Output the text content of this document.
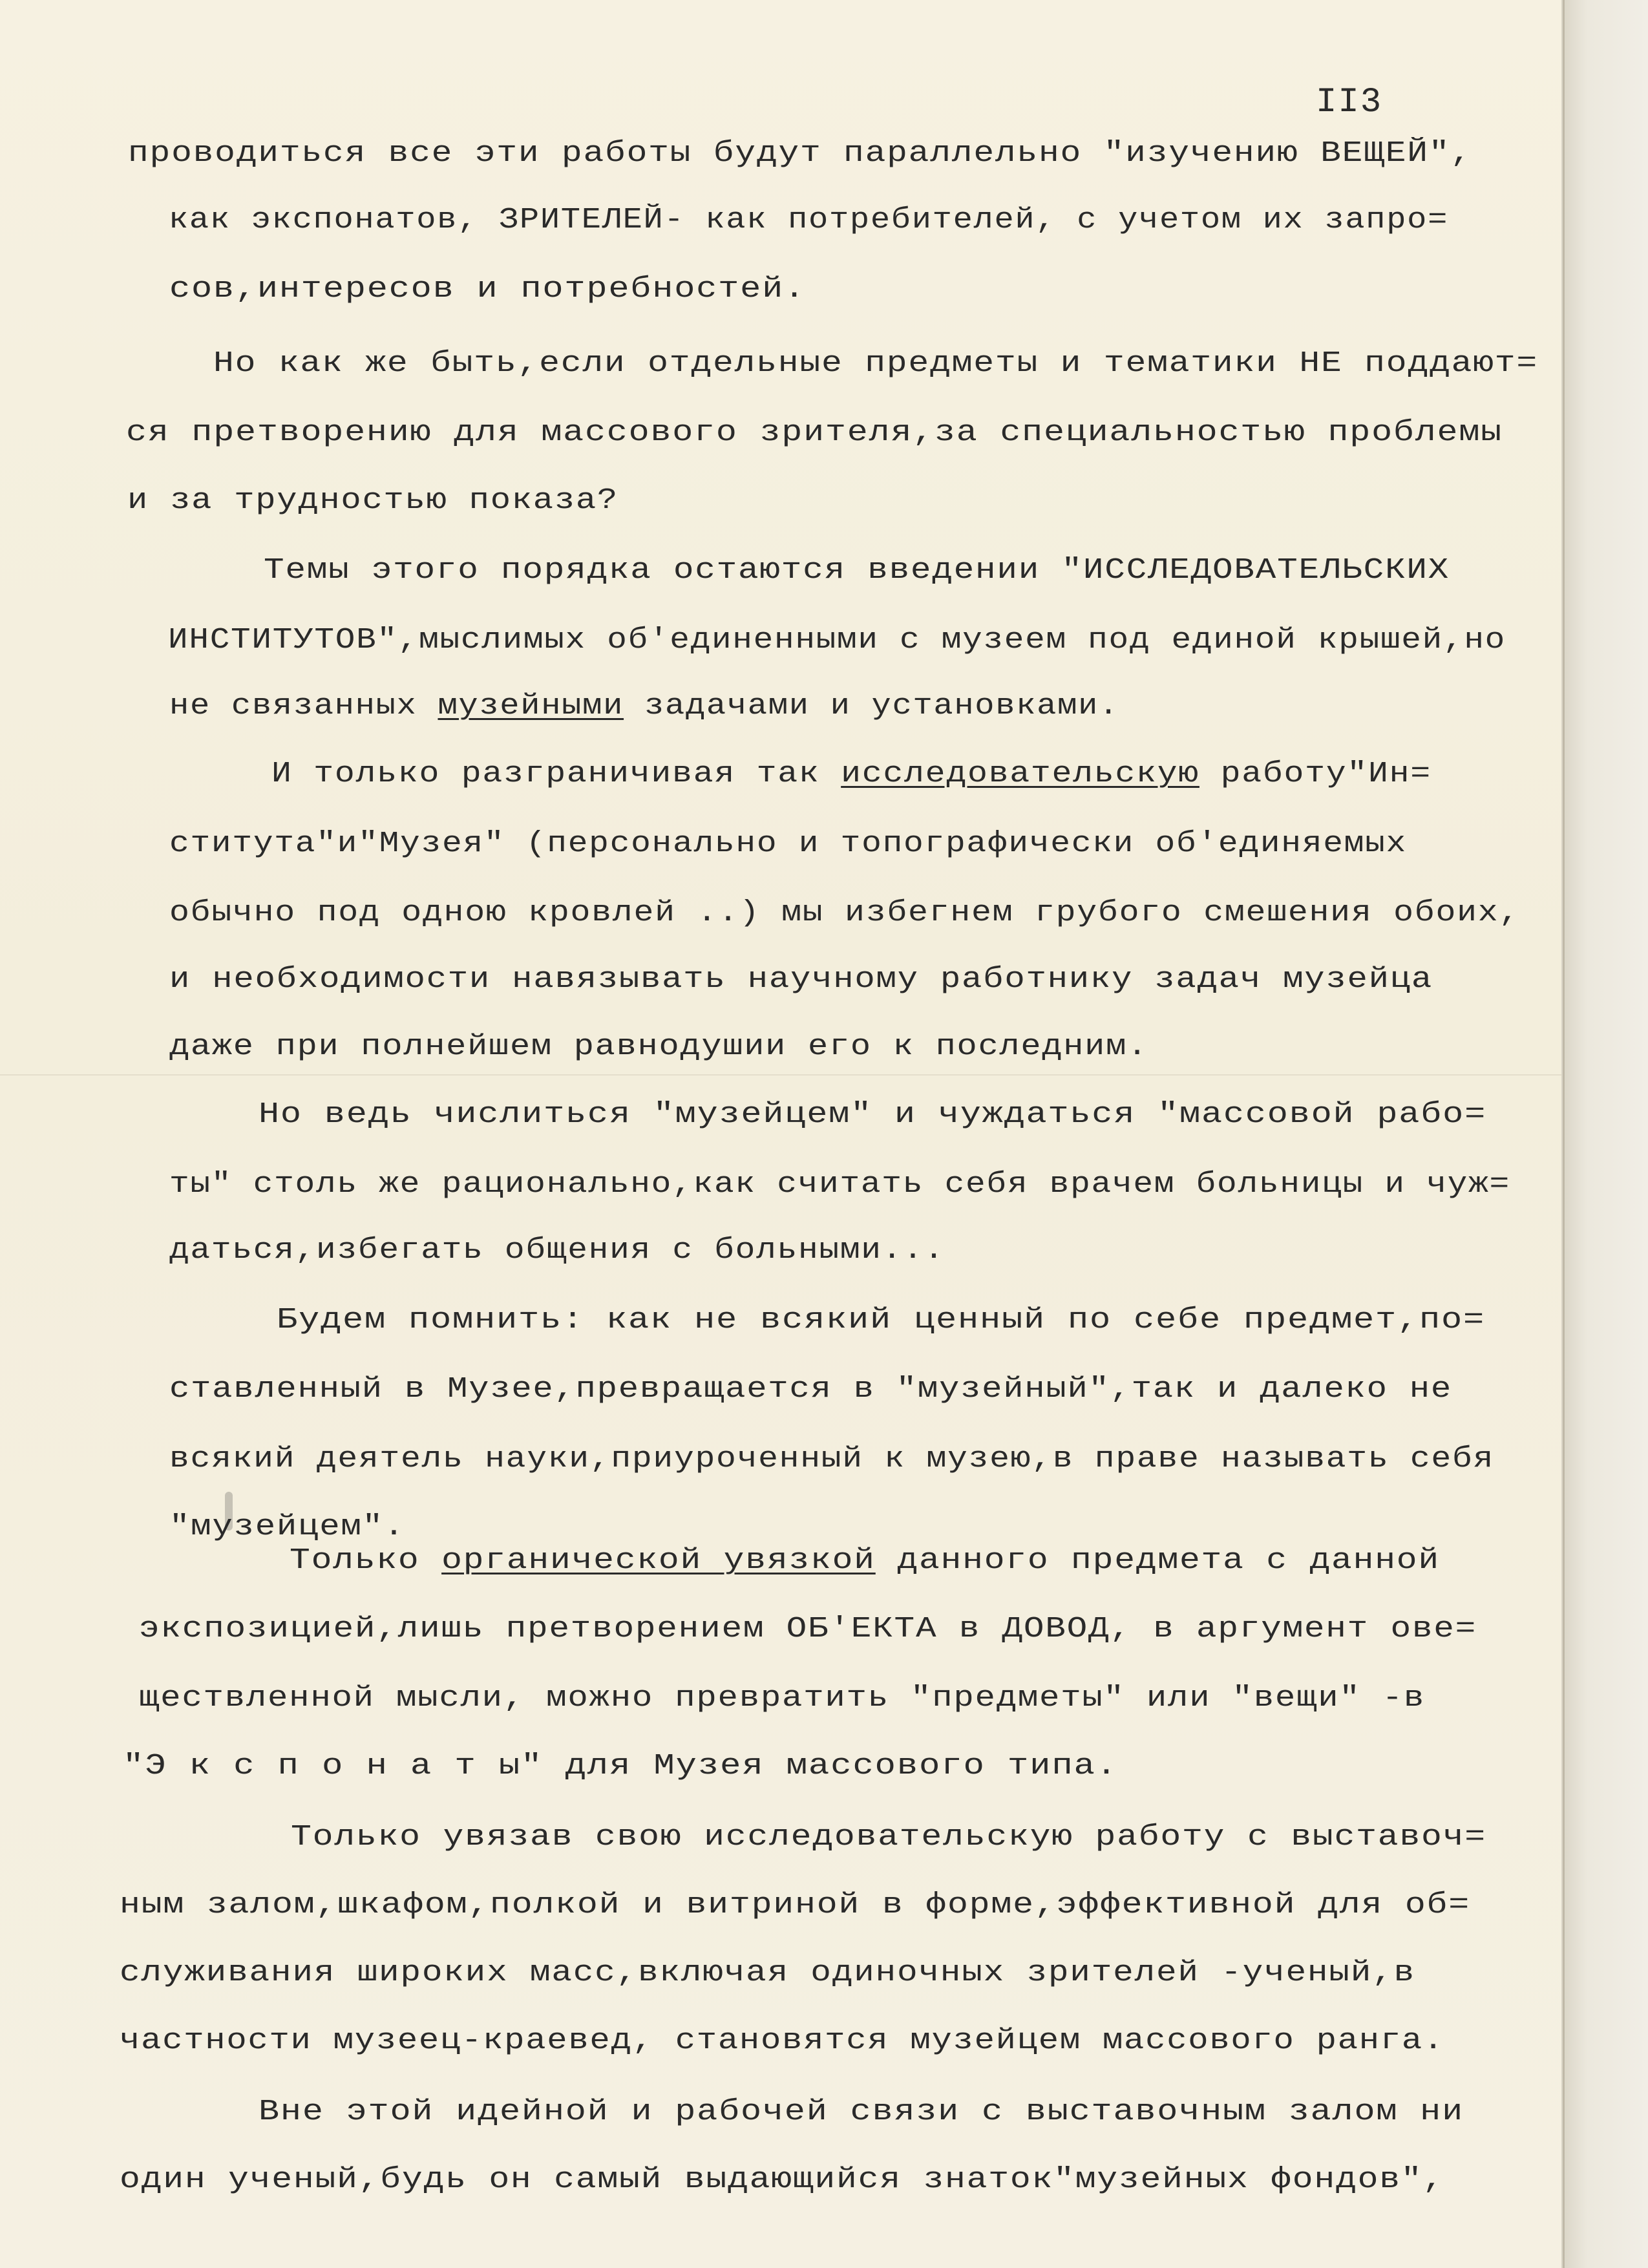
II3
проводиться все эти работы будут параллельно "изучению ВЕЩЕЙ",
как экспонатов, ЗРИТЕЛЕЙ- как потребителей, с учетом их запро=
сов,интересов и потребностей.
Но как же быть,если отдельные предметы и тематики НЕ поддают=
ся претворению для массового зрителя,за специальностью проблемы
и за трудностью показа?
Темы этого порядка остаются введении "ИССЛЕДОВАТЕЛЬСКИХ
ИНСТИТУТОВ",мыслимых об'единенными с музеем под единой крышей,но
не связанных музейными задачами и установками.
И только разграничивая так исследовательскую работу"Ин=
ститута"и"Музея" (персонально и топографически об'единяемых
обычно под одною кровлей ..) мы избегнем грубого смешения обоих,
и необходимости навязывать научному работнику задач музейца
даже при полнейшем равнодушии его к последним.
Но ведь числиться "музейцем" и чуждаться "массовой рабо=
ты" столь же рационально,как считать себя врачем больницы и чуж=
даться,избегать общения с больными...
Будем помнить: как не всякий ценный по себе предмет,по=
ставленный в Музее,превращается в "музейный",так и далеко не
всякий деятель науки,приуроченный к музею,в праве называть себя
"музейцем".
Только органической увязкой данного предмета с данной
экспозицией,лишь претворением ОБ'ЕКТА в ДОВОД, в аргумент ове=
ществленной мысли, можно превратить "предметы" или "вещи" -в
"Э к с п о н а т ы" для Музея массового типа.
Только увязав свою исследовательскую работу с выставоч=
ным залом,шкафом,полкой и витриной в форме,эффективной для об=
служивания широких масс,включая одиночных зрителей -ученый,в
частности музеец-краевед, становятся музейцем массового ранга.
Вне этой идейной и рабочей связи с выставочным залом ни
один ученый,будь он самый выдающийся знаток"музейных фондов",
